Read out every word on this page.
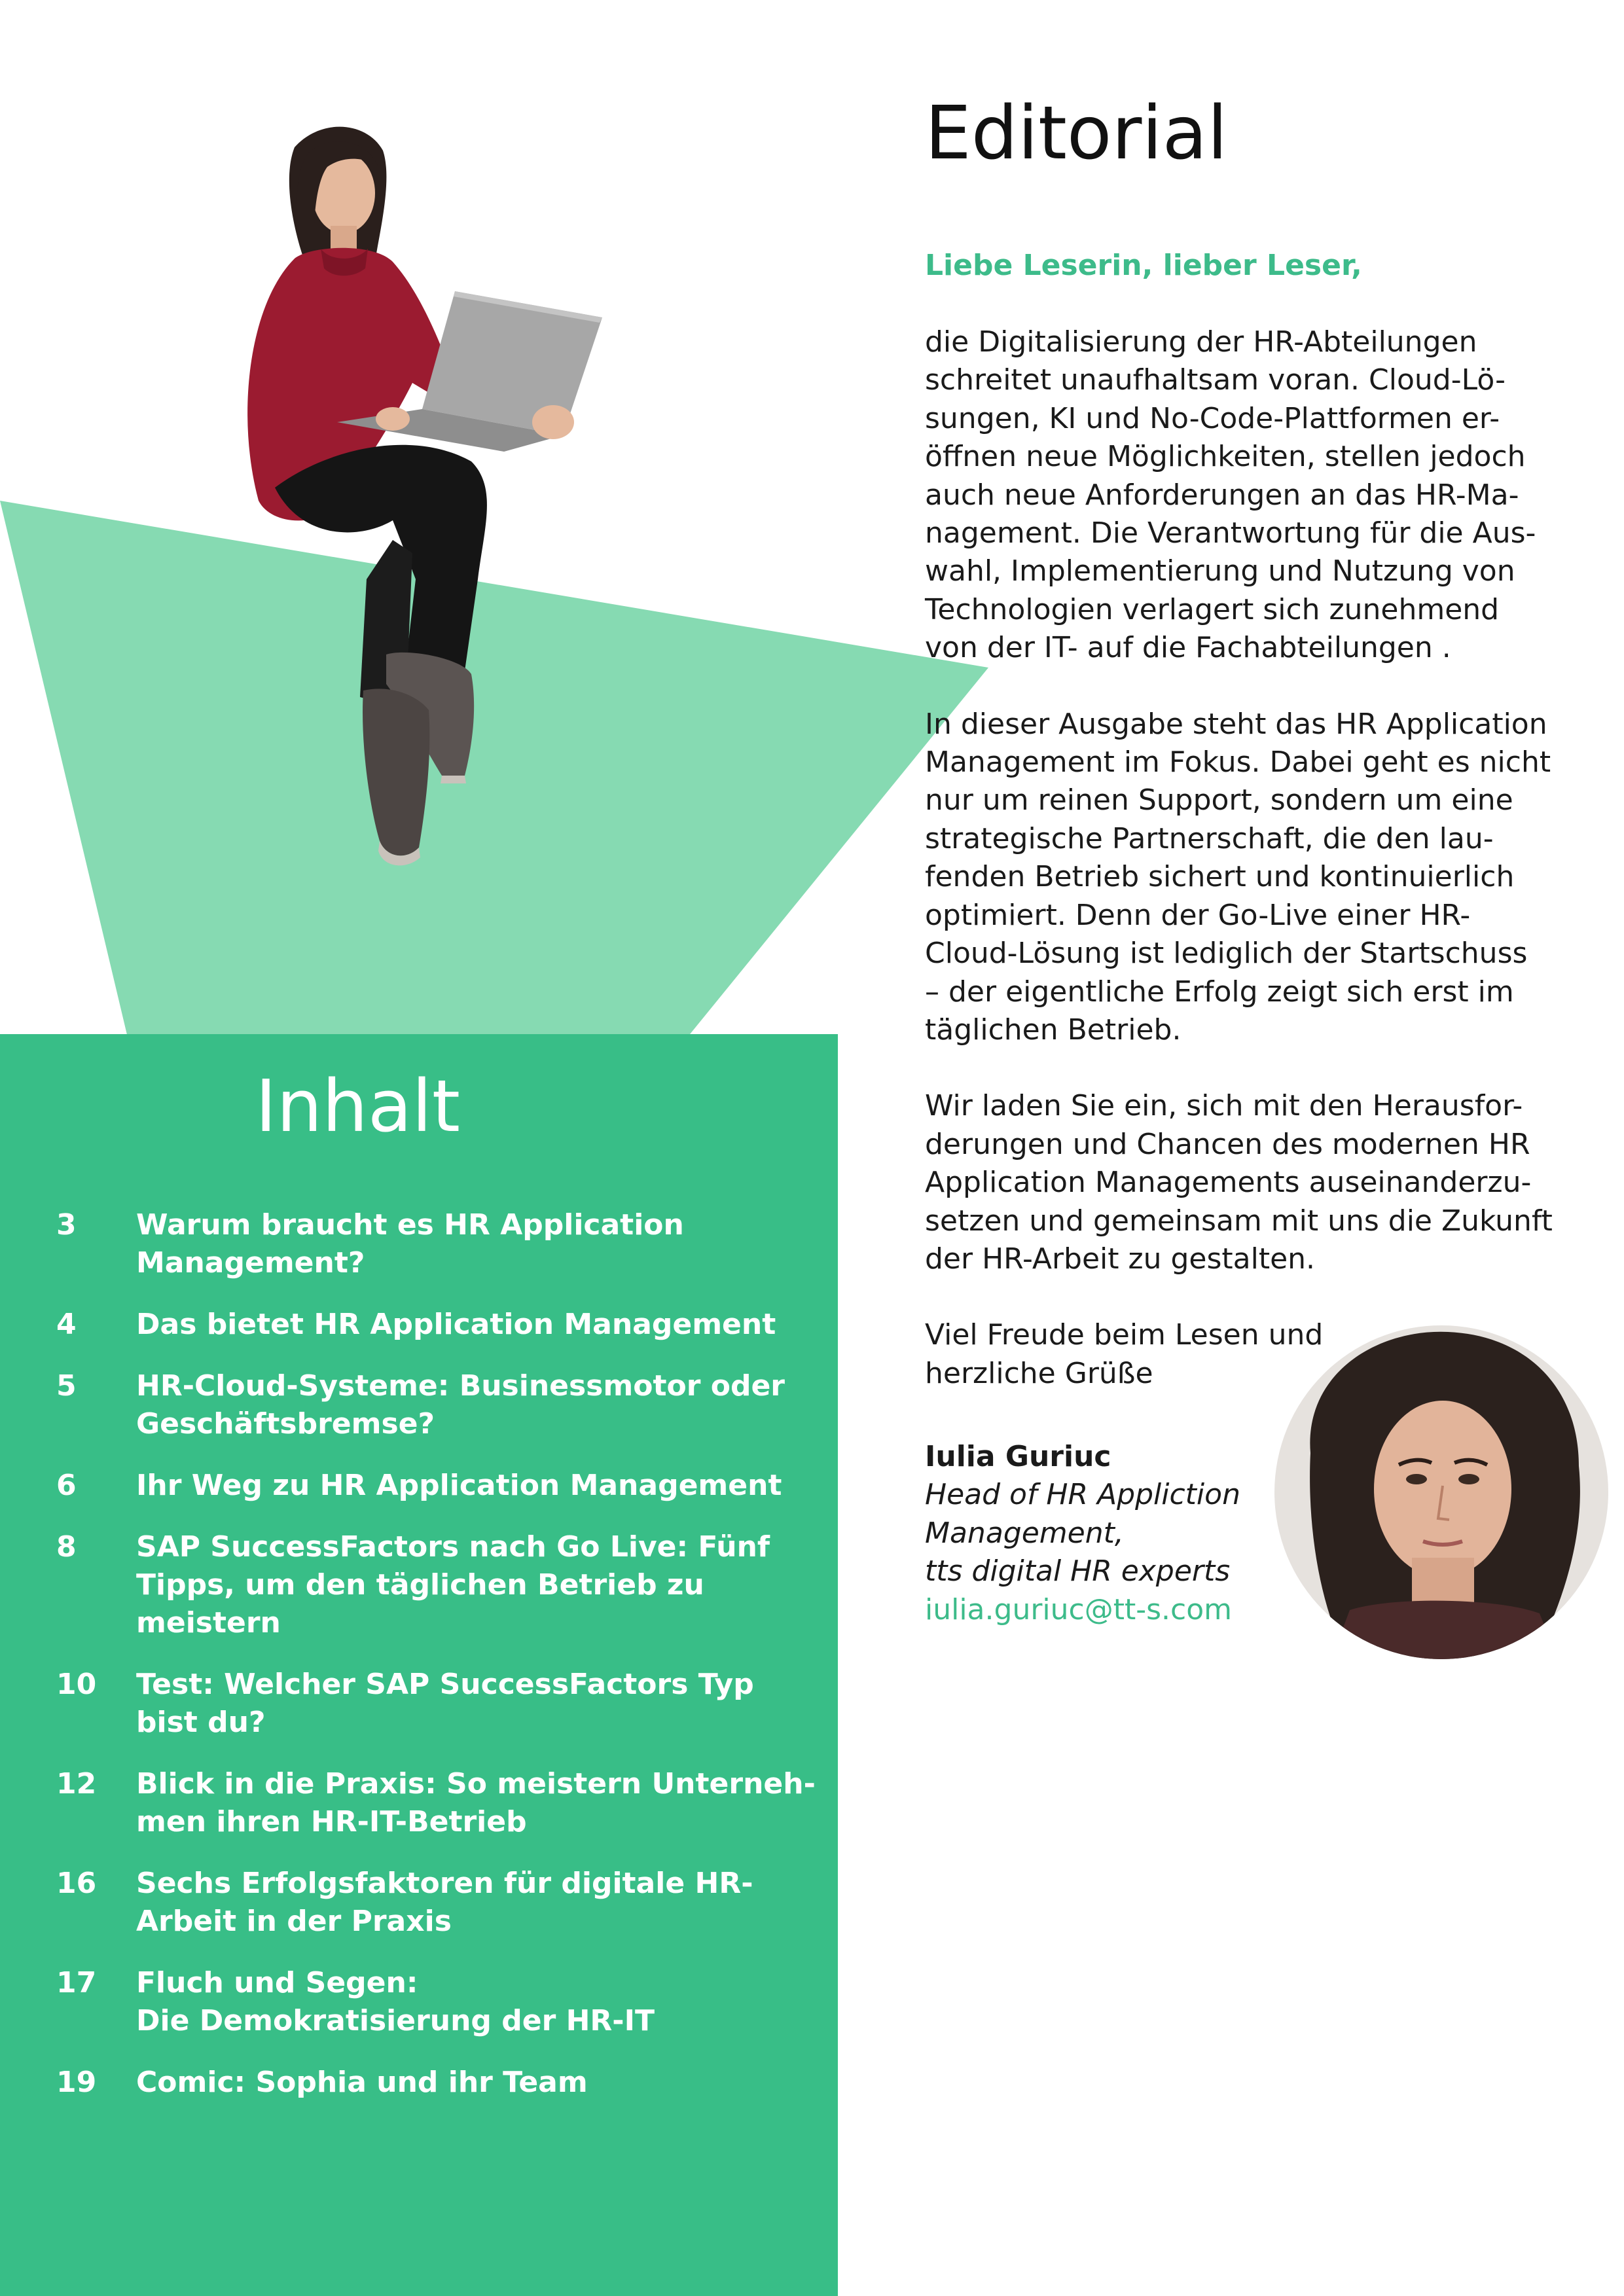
Editorial
Liebe Leserin, lieber Leser,

die Digitalisierung der HR-Abteilungen
schreitet unaufhaltsam voran. Cloud-Lö-
sungen, KI und No-Code-Plattformen er-
öffnen neue Möglichkeiten, stellen jedoch
auch neue Anforderungen an das HR-Ma-
nagement. Die Verantwortung für die Aus-
wahl, Implementierung und Nutzung von
Technologien verlagert sich zunehmend
von der IT- auf die Fachabteilungen .

In dieser Ausgabe steht das HR Application
Management im Fokus. Dabei geht es nicht
nur um reinen Support, sondern um eine
strategische Partnerschaft, die den lau-
fenden Betrieb sichert und kontinuierlich
optimiert. Denn der Go-Live einer HR-
Cloud-Lösung ist lediglich der Startschuss
– der eigentliche Erfolg zeigt sich erst im
täglichen Betrieb.

Wir laden Sie ein, sich mit den Herausfor-
derungen und Chancen des modernen HR
Application Managements auseinanderzu-
setzen und gemeinsam mit uns die Zukunft
der HR-Arbeit zu gestalten.

Viel Freude beim Lesen und
herzliche Grüße

Iulia Guriuc
Head of HR Appliction
Management,
tts digital HR experts
iulia.guriuc@tt-s.com
Inhalt
3	Warum braucht es HR Application
Management?
4	Das bietet HR Application Management
5	HR-Cloud-Systeme: Businessmotor oder
Geschäftsbremse?
6	Ihr Weg zu HR Application Management
8	SAP SuccessFactors nach Go Live: Fünf
Tipps, um den täglichen Betrieb zu
meistern
10	Test: Welcher SAP SuccessFactors Typ
bist du?
12	Blick in die Praxis: So meistern Unterneh-
men ihren HR-IT-Betrieb
16	Sechs Erfolgsfaktoren für digitale HR-
Arbeit in der Praxis
17	Fluch und Segen:
Die Demokratisierung der HR-IT
19	Comic: Sophia und ihr Team
